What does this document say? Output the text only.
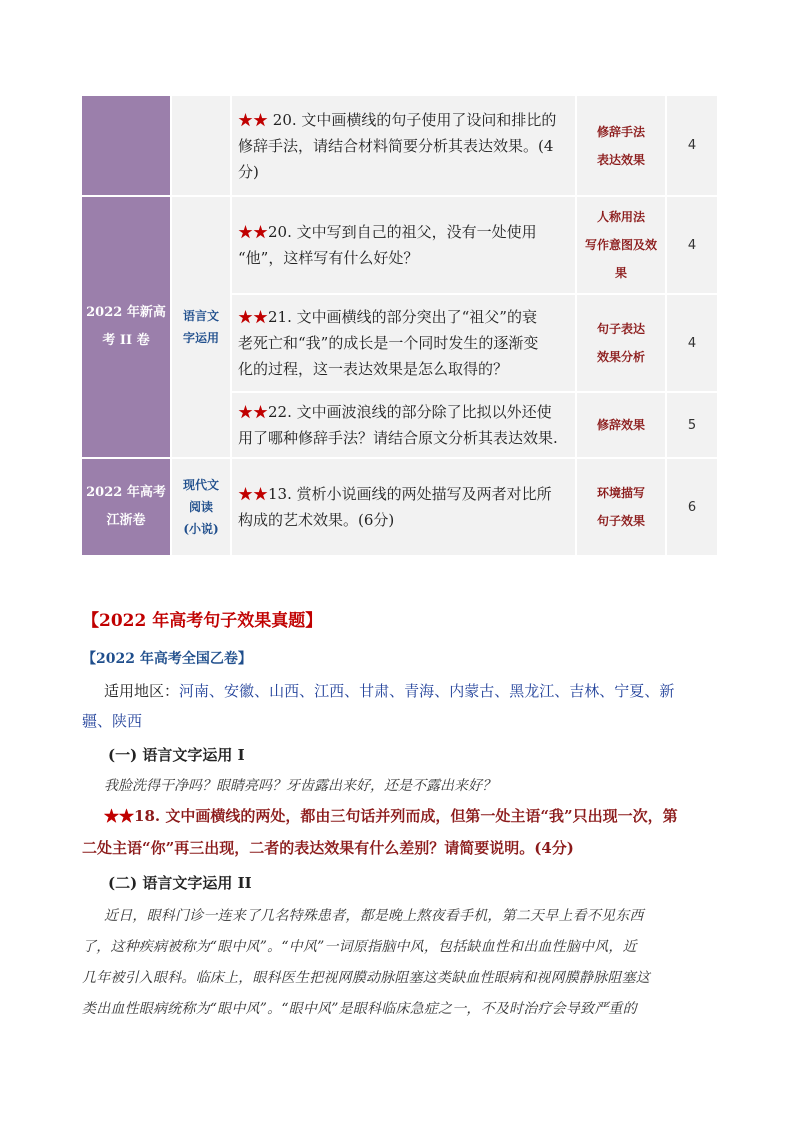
★★ 20. 文中画横线的句子使用了设问和排比的
修辞手法，请结合材料简要分析其表达效果。(4
分)
修辞手法
表达效果
4
2022 年新高
考 II 卷
语言文
字运用
★★20. 文中写到自己的祖父，没有一处使用
“他”，这样写有什么好处？
人称用法
写作意图及效
果
4
★★21. 文中画横线的部分突出了“祖父”的衰
老死亡和“我”的成长是一个同时发生的逐渐变
化的过程，这一表达效果是怎么取得的？
句子表达
效果分析
4
★★22. 文中画波浪线的部分除了比拟以外还使
用了哪种修辞手法？请结合原文分析其表达效果.
修辞效果	5
2022 年高考
江浙卷
现代文
阅读
(小说)
★★13. 赏析小说画线的两处描写及两者对比所
构成的艺术效果。(6分)
环境描写
句子效果
6
【2022 年高考句子效果真题】
【2022 年高考全国乙卷】
适用地区：河南、安徽、山西、江西、甘肃、青海、内蒙古、黑龙江、吉林、宁夏、新
疆、陕西
(一) 语言文字运用 I
我脸洗得干净吗？眼睛亮吗？牙齿露出来好，还是不露出来好？
★★18. 文中画横线的两处，都由三句话并列而成，但第一处主语“我”只出现一次，第
二处主语“你”再三出现，二者的表达效果有什么差别？请简要说明。(4分)
(二) 语言文字运用 II
近日，眼科门诊一连来了几名特殊患者，都是晚上熬夜看手机，第二天早上看不见东西
了，这种疾病被称为“眼中风”。“中风”一词原指脑中风，包括缺血性和出血性脑中风，近
几年被引入眼科。临床上，眼科医生把视网膜动脉阻塞这类缺血性眼病和视网膜静脉阻塞这
类出血性眼病统称为“眼中风”。“眼中风”是眼科临床急症之一，不及时治疗会导致严重的
